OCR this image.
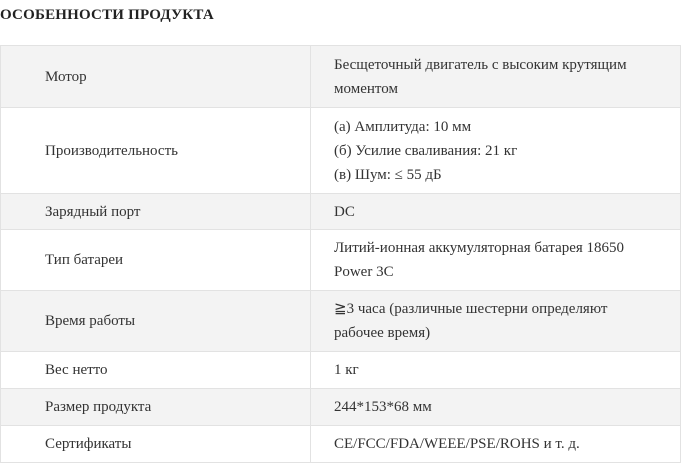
ОСОБЕННОСТИ ПРОДУКТА
Мотор	Бесщеточный двигатель с высоким крутящим
моментом

Производительность	(а) Амплитуда: 10 мм
(б) Усилие сваливания: 21 кг
(в) Шум: ≤ 55 дБ

Зарядный порт	DC

Тип батареи	Литий-ионная аккумуляторная батарея 18650
Power 3C

Время работы	≧3 часа (различные шестерни определяют
рабочее время)

Вес нетто	1 кг

Размер продукта	244*153*68 мм

Сертификаты	CE/FCC/FDA/WEEE/PSE/ROHS и т. д.
